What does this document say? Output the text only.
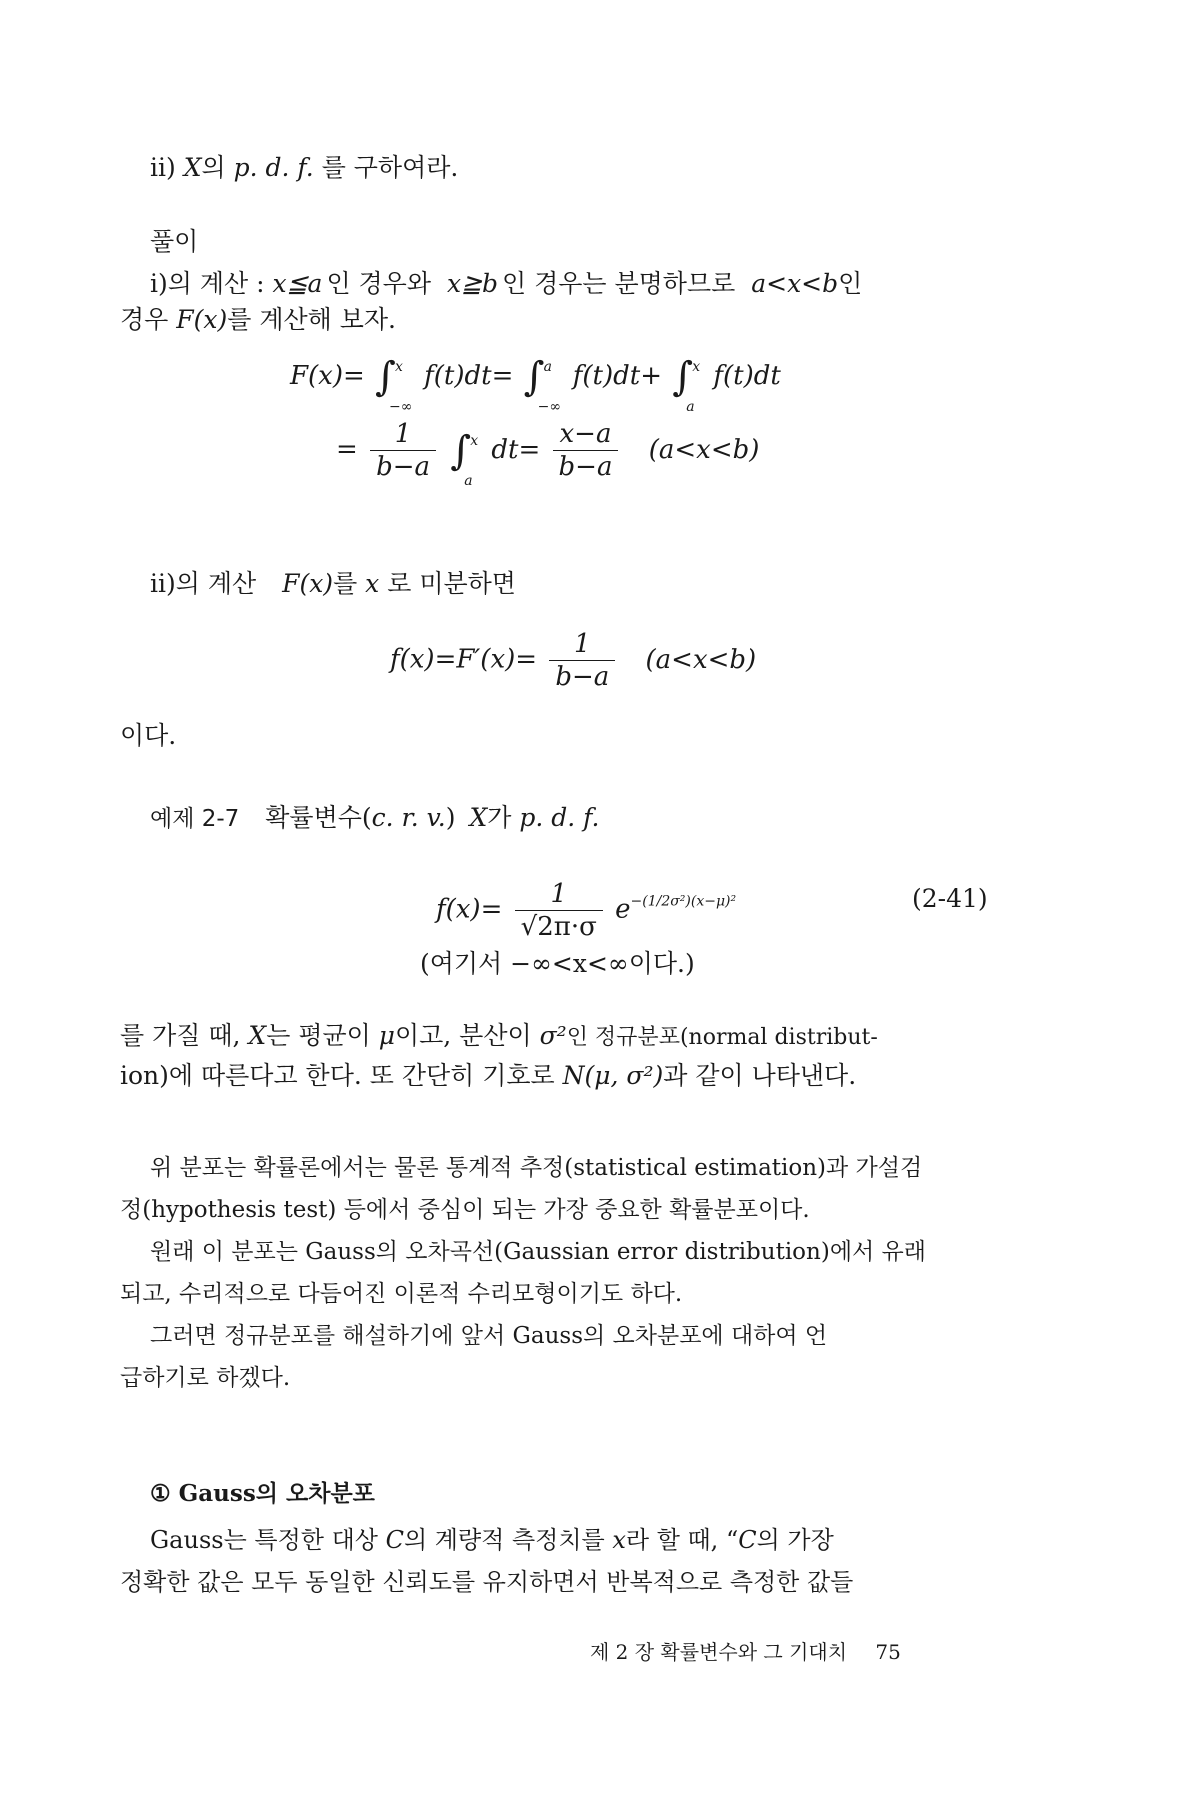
ii) X의 p. d. f. 를 구하여라.
풀이
i)의 계산 : x≦a 인 경우와 x≧b 인 경우는 분명하므로 a<x<b인
경우 F(x)를 계산해 보자.
F(x)= ∫ x
−∞
f(t)dt= ∫ a
−∞
f(t)dt+ ∫ x
a
f(t)dt
= $\frac{1}{b-a}$ ∫ x
a
$dt= \frac{x-a}{b-a} (a<x<b)$
ii)의 계산 F(x)를 x 로 미분하면
$f(x)=F'(x)= \frac{1}{b-a} (a<x<b)$
이다.
예제 2-7 확률변수(c. r. v.) X가 p. d. f.
$f(x)= \frac{1}{√2\pi\cdot\sigma} e^{-(1/2\sigma^2)(x-\mu)^2}$	(2-41)
(여기서 −∞<x<∞이다.)
를 가질 때, X는 평균이 μ이고, 분산이 σ²인 정규분포(normal distribut-
ion)에 따른다고 한다. 또 간단히 기호로 N(μ, σ²)과 같이 나타낸다.
위 분포는 확률론에서는 물론 통계적 추정(statistical estimation)과 가설검
정(hypothesis test) 등에서 중심이 되는 가장 중요한 확률분포이다.
원래 이 분포는 Gauss의 오차곡선(Gaussian error distribution)에서 유래
되고, 수리적으로 다듬어진 이론적 수리모형이기도 하다.
그러면 정규분포를 해설하기에 앞서 Gauss의 오차분포에 대하여 언
급하기로 하겠다.
① Gauss의 오차분포
Gauss는 특정한 대상 C의 계량적 측정치를 x라 할 때, “C의 가장
정확한 값은 모두 동일한 신뢰도를 유지하면서 반복적으로 측정한 값들
제 2 장 확률변수와 그 기대치 75
